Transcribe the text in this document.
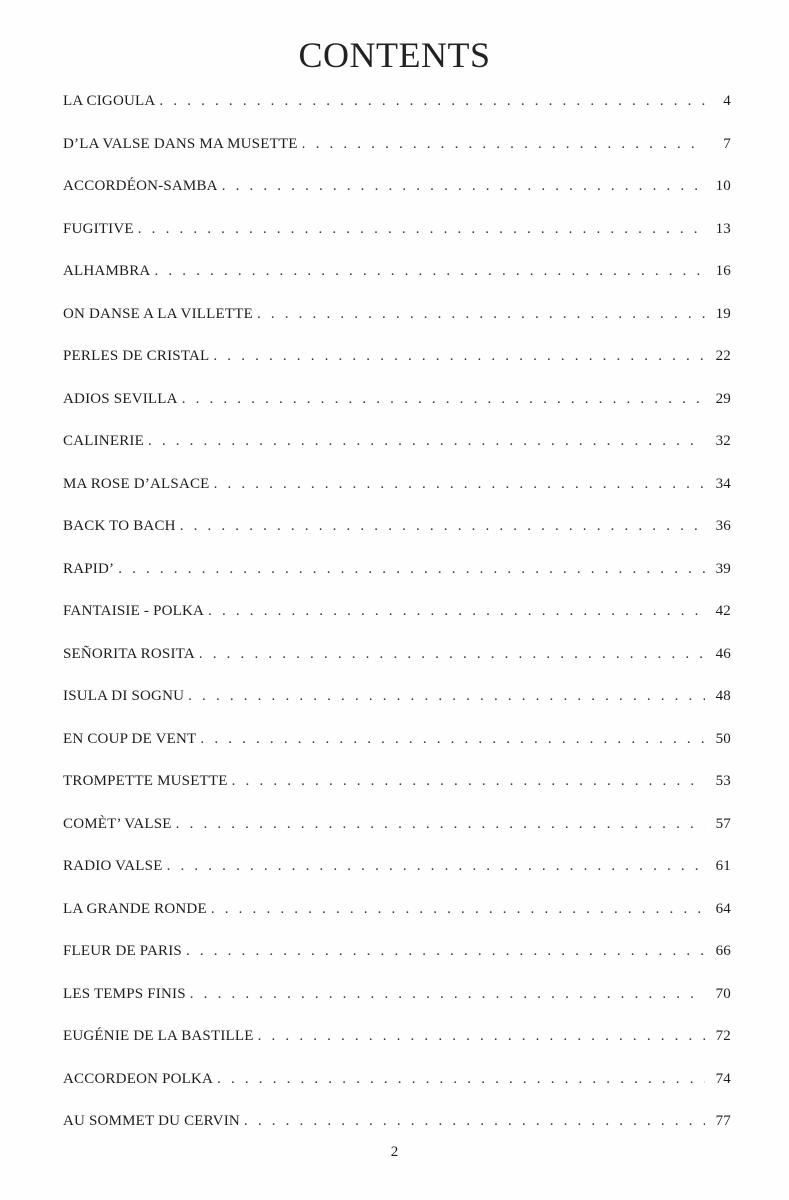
CONTENTS
LA CIGOULA . . .	4
D’LA VALSE DANS MA MUSETTE . . .	7
ACCORDÉON-SAMBA . . .	10
FUGITIVE . . .	13
ALHAMBRA . . .	16
ON DANSE A LA VILLETTE . . .	19
PERLES DE CRISTAL . . .	22
ADIOS SEVILLA . . .	29
CALINERIE . . .	32
MA ROSE D’ALSACE . . .	34
BACK TO BACH . . .	36
RAPID’ . . .	39
FANTAISIE - POLKA . . .	42
SEÑORITA ROSITA . . .	46
ISULA DI SOGNU . . .	48
EN COUP DE VENT . . .	50
TROMPETTE MUSETTE . . .	53
COMÈT’ VALSE . . .	57
RADIO VALSE . . .	61
LA GRANDE RONDE . . .	64
FLEUR DE PARIS . . .	66
LES TEMPS FINIS . . .	70
EUGÉNIE DE LA BASTILLE . . .	72
ACCORDEON POLKA . . .	74
AU SOMMET DU CERVIN . . .	77
2
